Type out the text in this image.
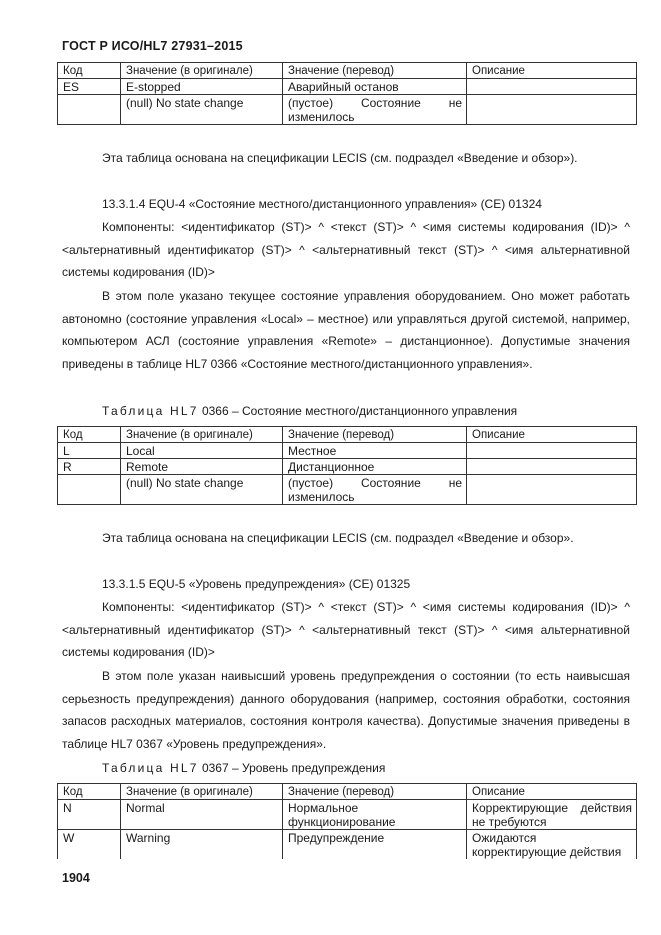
ГОСТ Р ИСО/HL7 27931–2015
Код	Значение (в оригинале)	Значение (перевод)	Описание
ES	E-stopped	Аварийный останов	
	(null) No state change	(пустое) Состояние не изменилось	

Эта таблица основана на спецификации LECIS (см. подраздел «Введение и обзор»).

13.3.1.4 EQU-4 «Состояние местного/дистанционного управления» (CE) 01324

Компоненты: <идентификатор (ST)> ^ <текст (ST)> ^ <имя системы кодирования (ID)> ^ <альтернативный идентификатор (ST)> ^ <альтернативный текст (ST)> ^ <имя альтернативной системы кодирования (ID)>

В этом поле указано текущее состояние управления оборудованием. Оно может работать автономно (состояние управления «Local» – местное) или управляться другой системой, например, компьютером АСЛ (состояние управления «Remote» – дистанционное). Допустимые значения приведены в таблице HL7 0366 «Состояние местного/дистанционного управления».

Таблица HL7 0366 – Состояние местного/дистанционного управления
Код	Значение (в оригинале)	Значение (перевод)	Описание
L	Local	Местное	
R	Remote	Дистанционное	
	(null) No state change	(пустое) Состояние не изменилось	

Эта таблица основана на спецификации LECIS (см. подраздел «Введение и обзор».

13.3.1.5 EQU-5 «Уровень предупреждения» (CE) 01325

Компоненты: <идентификатор (ST)> ^ <текст (ST)> ^ <имя системы кодирования (ID)> ^ <альтернативный идентификатор (ST)> ^ <альтернативный текст (ST)> ^ <имя альтернативной системы кодирования (ID)>

В этом поле указан наивысший уровень предупреждения о состоянии (то есть наивысшая серьезность предупреждения) данного оборудования (например, состояния обработки, состояния запасов расходных материалов, состояния контроля качества). Допустимые значения приведены в таблице HL7 0367 «Уровень предупреждения».

Таблица HL7 0367 – Уровень предупреждения
Код	Значение (в оригинале)	Значение (перевод)	Описание
N	Normal	Нормальное функционирование	Корректирующие действия не требуются
W	Warning	Предупреждение	Ожидаются корректирующие действия
1904
